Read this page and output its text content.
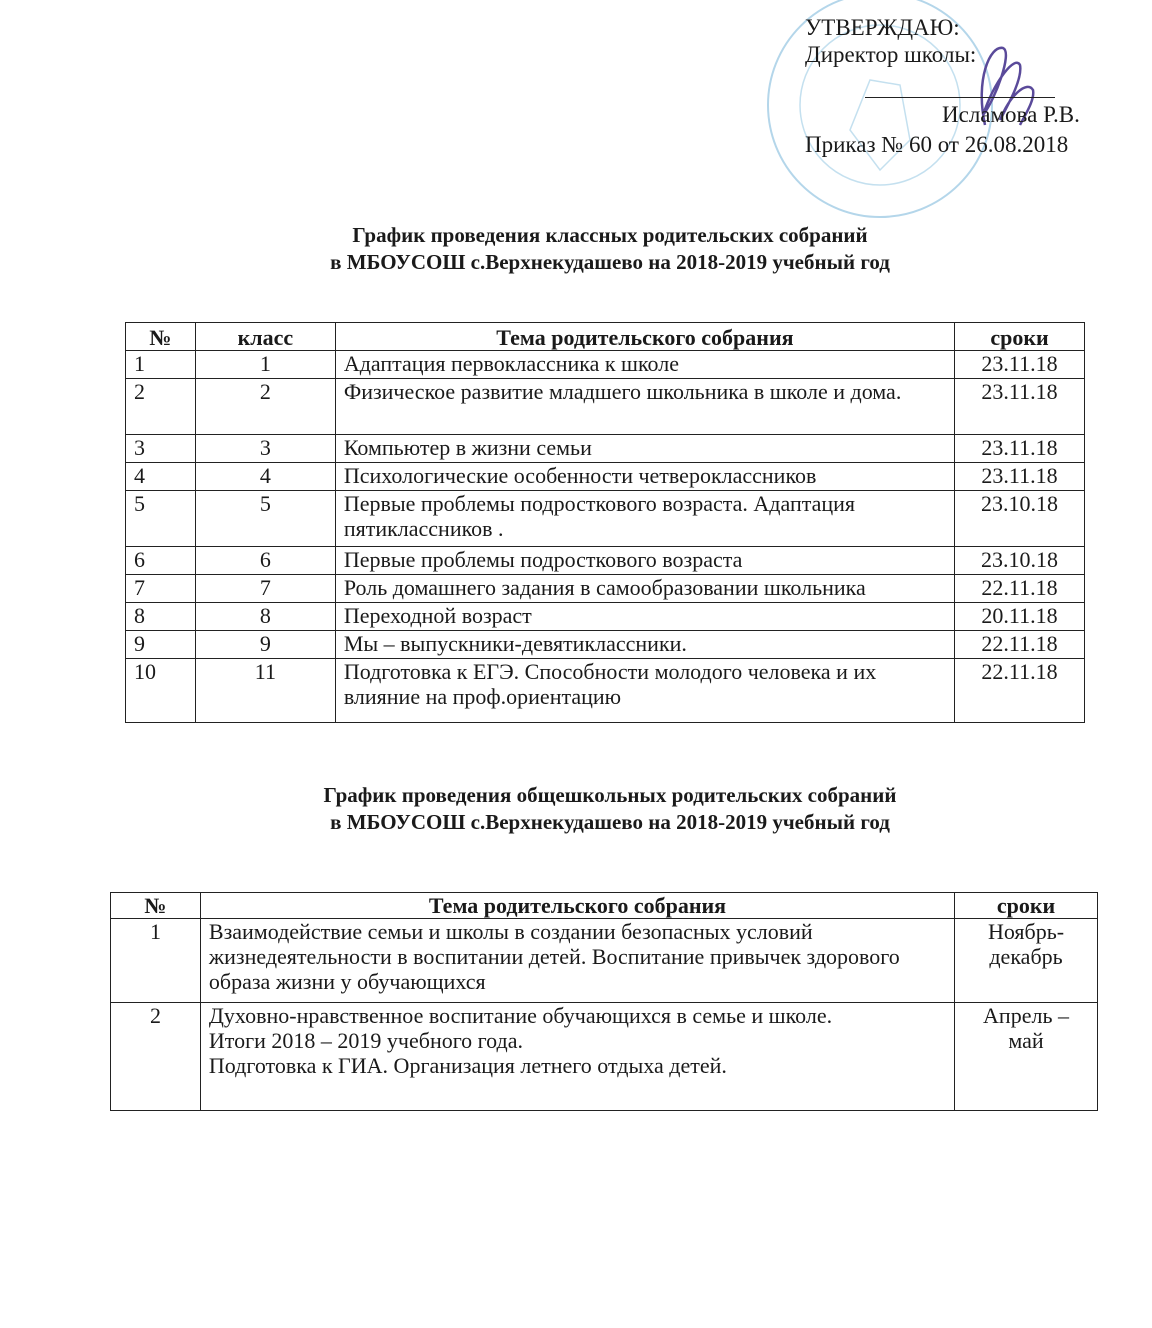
УТВЕРЖДАЮ:
Директор школы:
Исламова Р.В.
Приказ № 60 от 26.08.2018
График проведения классных родительских собраний
в МБОУСОШ с.Верхнекудашево на 2018-2019 учебный год
№	класс	Тема родительского собрания	сроки
1	1	Адаптация первоклассника к школе	23.11.18
2	2	Физическое развитие младшего школьника в школе и дома.	23.11.18
3	3	Компьютер в жизни семьи	23.11.18
4	4	Психологические особенности четвероклассников	23.11.18
5	5	Первые проблемы подросткового возраста. Адаптация пятиклассников .	23.10.18
6	6	Первые проблемы подросткового возраста	23.10.18
7	7	Роль домашнего задания в самообразовании школьника	22.11.18
8	8	Переходной возраст	20.11.18
9	9	Мы – выпускники-девятиклассники.	22.11.18
10	11	Подготовка к ЕГЭ. Способности молодого человека и их влияние на проф.ориентацию	22.11.18
График проведения общешкольных родительских собраний
в МБОУСОШ с.Верхнекудашево на 2018-2019 учебный год
№	Тема родительского собрания	сроки
1	Взаимодействие семьи и школы в создании безопасных условий жизнедеятельности в воспитании детей. Воспитание привычек здорового образа жизни у обучающихся	Ноябрь-декабрь
2	Духовно-нравственное воспитание обучающихся в семье и школе.
Итоги 2018 – 2019 учебного года.
Подготовка к ГИА. Организация летнего отдыха детей.	Апрель – май
